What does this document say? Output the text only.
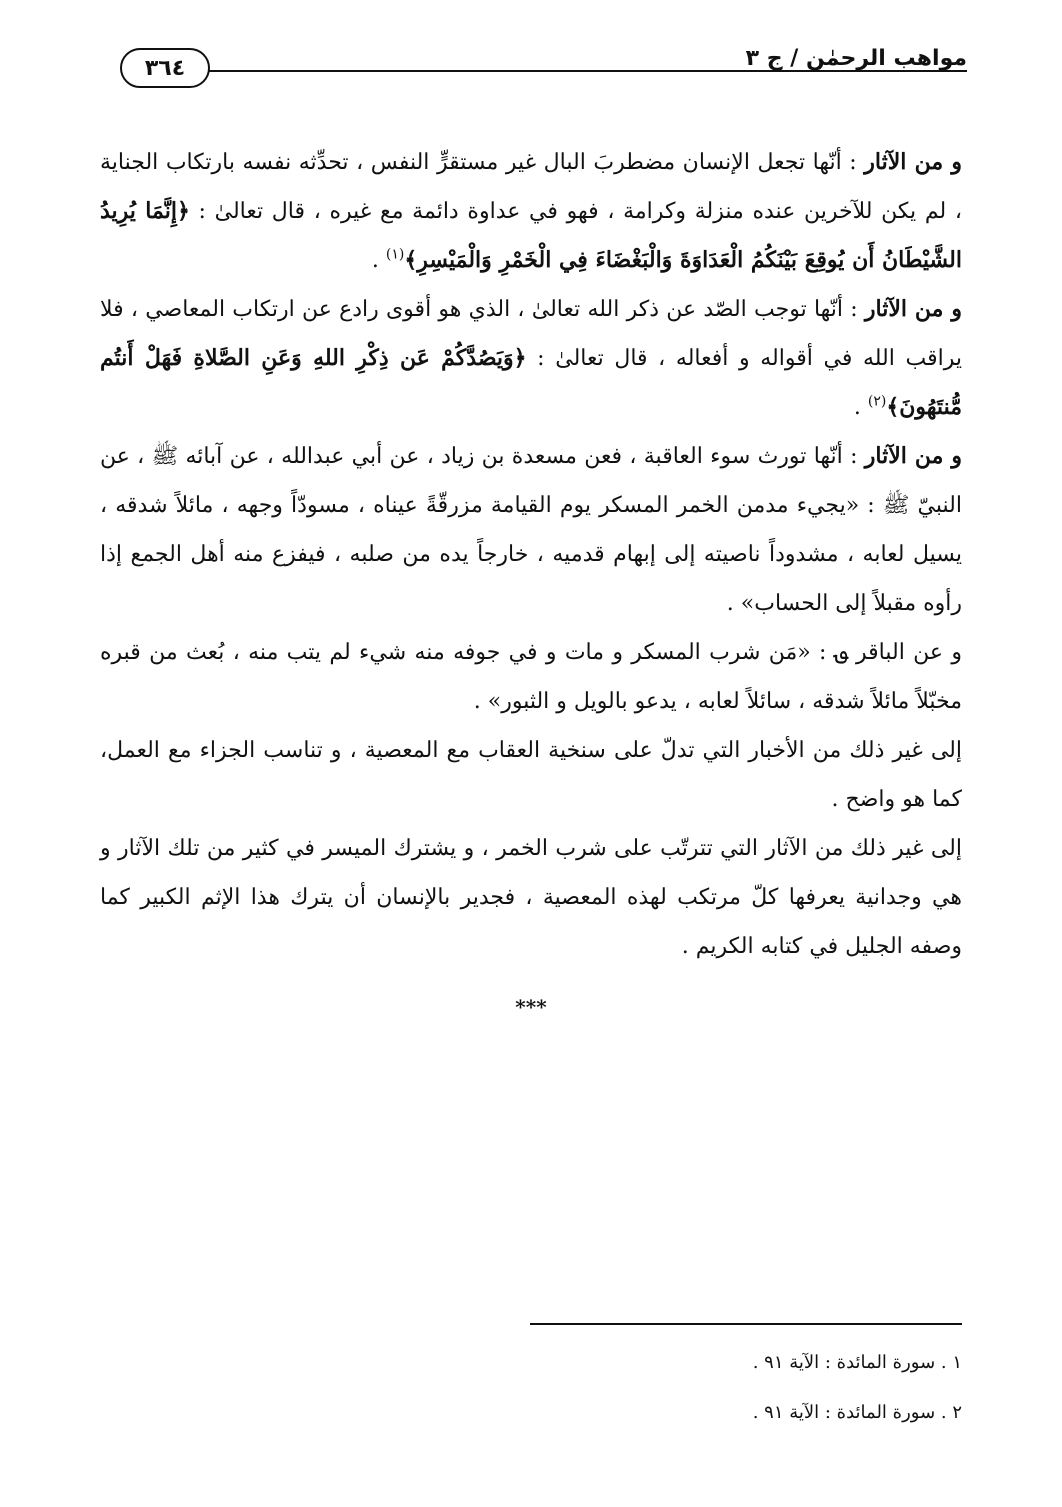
مواهب الرحمٰن / ج ٣
٣٦٤

و من الآثار : أنّها تجعل الإنسان مضطربَ البال غير مستقرٍّ النفس ، تحدِّثه نفسه بارتكاب الجناية ، لم يكن للآخرين عنده منزلة وكرامة ، فهو في عداوة دائمة مع غيره ، قال تعالىٰ : ﴿إِنَّمَا يُرِيدُ الشَّيْطَانُ أَن يُوقِعَ بَيْنَكُمُ الْعَدَاوَةَ وَالْبَغْضَاءَ فِي الْخَمْرِ وَالْمَيْسِرِ﴾$^{(١)}$ .

و من الآثار : أنّها توجب الصّد عن ذكر الله تعالىٰ ، الذي هو أقوى رادع عن ارتكاب المعاصي ، فلا يراقب الله في أقواله و أفعاله ، قال تعالىٰ : ﴿وَيَصُدَّكُمْ عَن ذِكْرِ اللهِ وَعَنِ الصَّلاةِ فَهَلْ أَنتُم مُّنتَهُونَ﴾$^{(٢)}$ .

و من الآثار : أنّها تورث سوء العاقبة ، فعن مسعدة بن زياد ، عن أبي عبدالله ، عن آبائه ﷺ ، عن النبيّ ﷺ : «يجيء مدمن الخمر المسكر يوم القيامة مزرقّةً عيناه ، مسودّاً وجهه ، مائلاً شدقه ، يسيل لعابه ، مشدوداً ناصيته إلى إبهام قدميه ، خارجاً يده من صلبه ، فيفزع منه أهل الجمع إذا رأوه مقبلاً إلى الحساب» .

و عن الباقر ؈ : «مَن شرب المسكر و مات و في جوفه منه شيء لم يتب منه ، بُعث من قبره مخبّلاً مائلاً شدقه ، سائلاً لعابه ، يدعو بالويل و الثبور» .

إلى غير ذلك من الأخبار التي تدلّ على سنخية العقاب مع المعصية ، و تناسب الجزاء مع العمل، كما هو واضح .

إلى غير ذلك من الآثار التي تترتّب على شرب الخمر ، و يشترك الميسر في كثير من تلك الآثار و هي وجدانية يعرفها كلّ مرتكب لهذه المعصية ، فجدير بالإنسان أن يترك هذا الإثم الكبير كما وصفه الجليل في كتابه الكريم .

***

١ . سورة المائدة : الآية ٩١ .

٢ . سورة المائدة : الآية ٩١ .
